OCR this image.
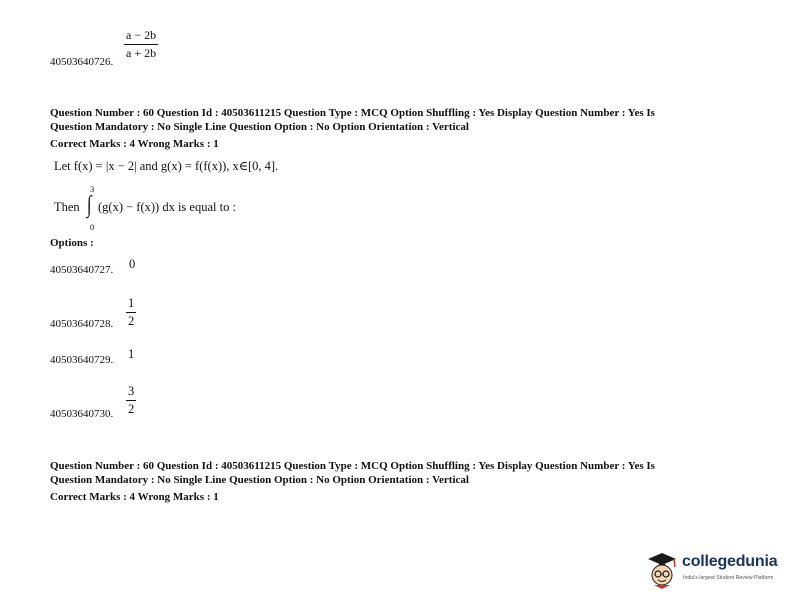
a − 2b
a + 2b
40503640726.
Question Number : 60 Question Id : 40503611215 Question Type : MCQ Option Shuffling : Yes Display Question Number : Yes Is
Question Mandatory : No Single Line Question Option : No Option Orientation : Vertical
Correct Marks : 4 Wrong Marks : 1
Let f(x) = |x − 2| and g(x) = f(f(x)), x∈[0, 4].
3
Then ∫ (g(x) − f(x)) dx is equal to :
0
Options :
40503640727. 0
1
2
40503640728.
40503640729. 1
3
2
40503640730.
Question Number : 60 Question Id : 40503611215 Question Type : MCQ Option Shuffling : Yes Display Question Number : Yes Is
Question Mandatory : No Single Line Question Option : No Option Orientation : Vertical
Correct Marks : 4 Wrong Marks : 1
collegedunia
India's largest Student Review Platform
